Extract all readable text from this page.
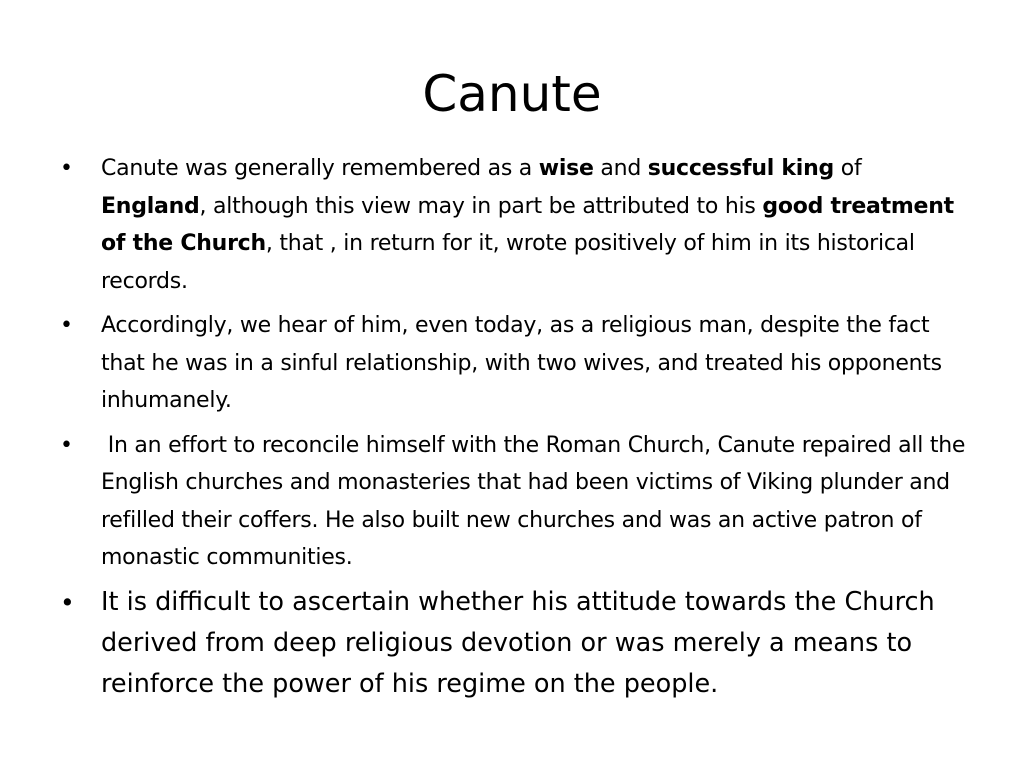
Canute
• Canute was generally remembered as a wise and successful king of England, although this view may in part be attributed to his good treatment of the Church, that , in return for it, wrote positively of him in its historical records.
• Accordingly, we hear of him, even today, as a religious man, despite the fact that he was in a sinful relationship, with two wives, and treated his opponents inhumanely.
• In an effort to reconcile himself with the Roman Church, Canute repaired all the English churches and monasteries that had been victims of Viking plunder and refilled their coffers. He also built new churches and was an active patron of monastic communities.
• It is difficult to ascertain whether his attitude towards the Church derived from deep religious devotion or was merely a means to reinforce the power of his regime on the people.
